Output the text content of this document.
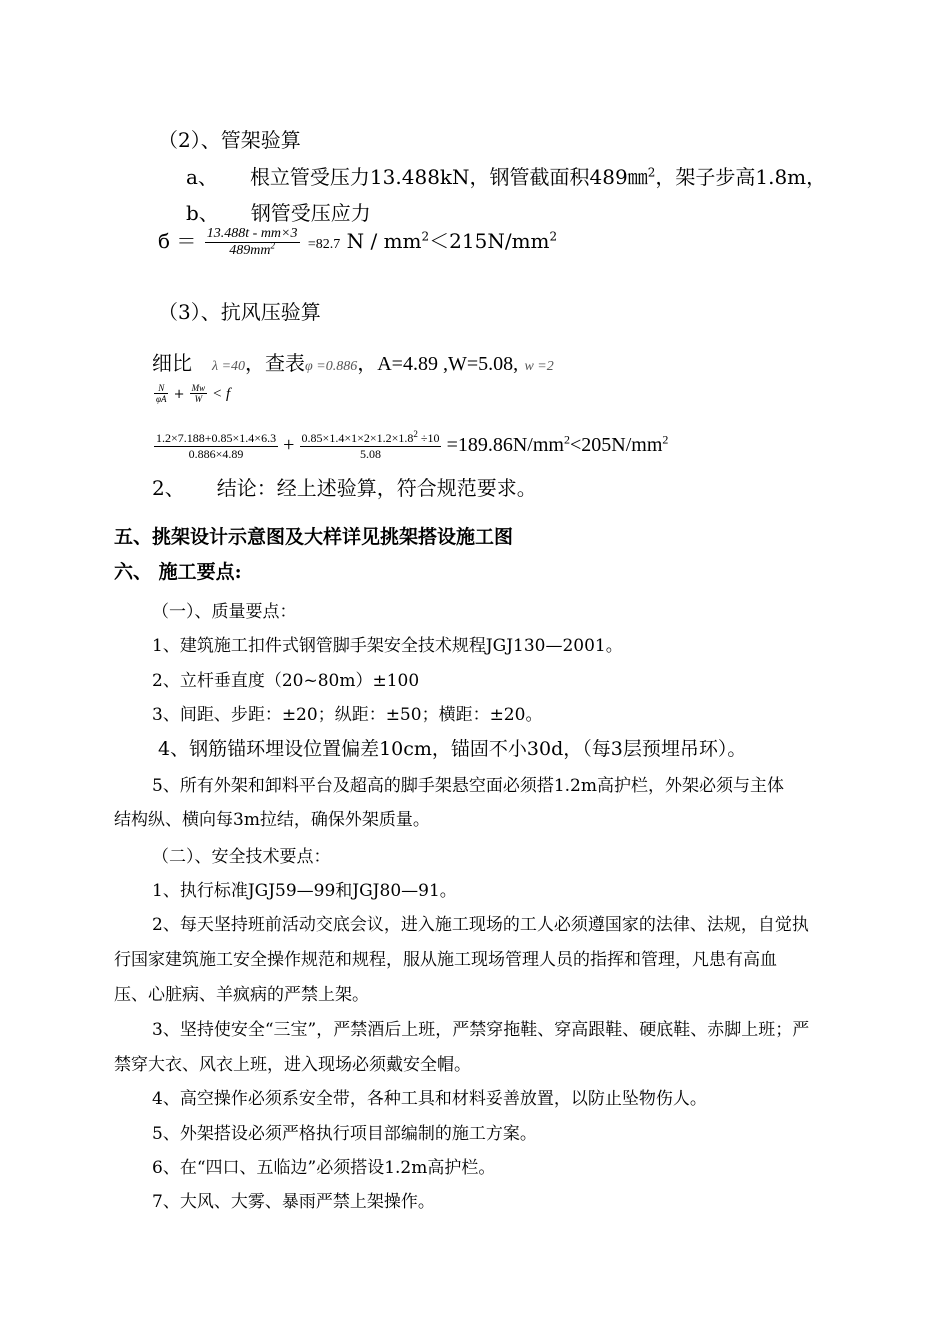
（2）、管架验算
a、 根立管受压力13.488kN，钢管截面积489㎜$^2$，架子步高1.8m，
b、 钢管受压应力
$б = \frac{13.488t - mm\times 3}{489mm^2} =82.7$ $N / mm^2<215N/mm^2$
（3）、抗风压验算
细比 λ =40，查表φ =0.886，A=4.89 ,W=5.08, w =2
$\frac{N}{\varphi A} + \frac{Mw}{W} < f$
$\frac{1.2\times 7.188+0.85\times 1.4\times 6.3}{0.886\times 4.89} + \frac{0.85\times 1.4\times 1\times 2\times 1.2\times 1.8^2 \div 10}{5.08} =189.86N/mm^2<205N/mm^2$
2、 结论：经上述验算，符合规范要求。
五、挑架设计示意图及大样详见挑架搭设施工图
六、 施工要点:
（一）、质量要点：
1、建筑施工扣件式钢管脚手架安全技术规程JGJ130—2001。
2、立杆垂直度（20~80m）±100
3、间距、步距：±20；纵距：±50；横距：±20。
4、钢筋锚环埋设位置偏差10cm，锚固不小30d，（每3层预埋吊环）。
5、所有外架和卸料平台及超高的脚手架悬空面必须搭1.2m高护栏，外架必须与主体
结构纵、横向每3m拉结，确保外架质量。
（二）、安全技术要点：
1、执行标准JGJ59—99和JGJ80—91。
2、每天坚持班前活动交底会议，进入施工现场的工人必须遵国家的法律、法规，自觉执
行国家建筑施工安全操作规范和规程，服从施工现场管理人员的指挥和管理，凡患有高血
压、心脏病、羊疯病的严禁上架。
3、坚持使安全“三宝”，严禁酒后上班，严禁穿拖鞋、穿高跟鞋、硬底鞋、赤脚上班；严
禁穿大衣、风衣上班，进入现场必须戴安全帽。
4、高空操作必须系安全带，各种工具和材料妥善放置，以防止坠物伤人。
5、外架搭设必须严格执行项目部编制的施工方案。
6、在“四口、五临边”必须搭设1.2m高护栏。
7、大风、大雾、暴雨严禁上架操作。
